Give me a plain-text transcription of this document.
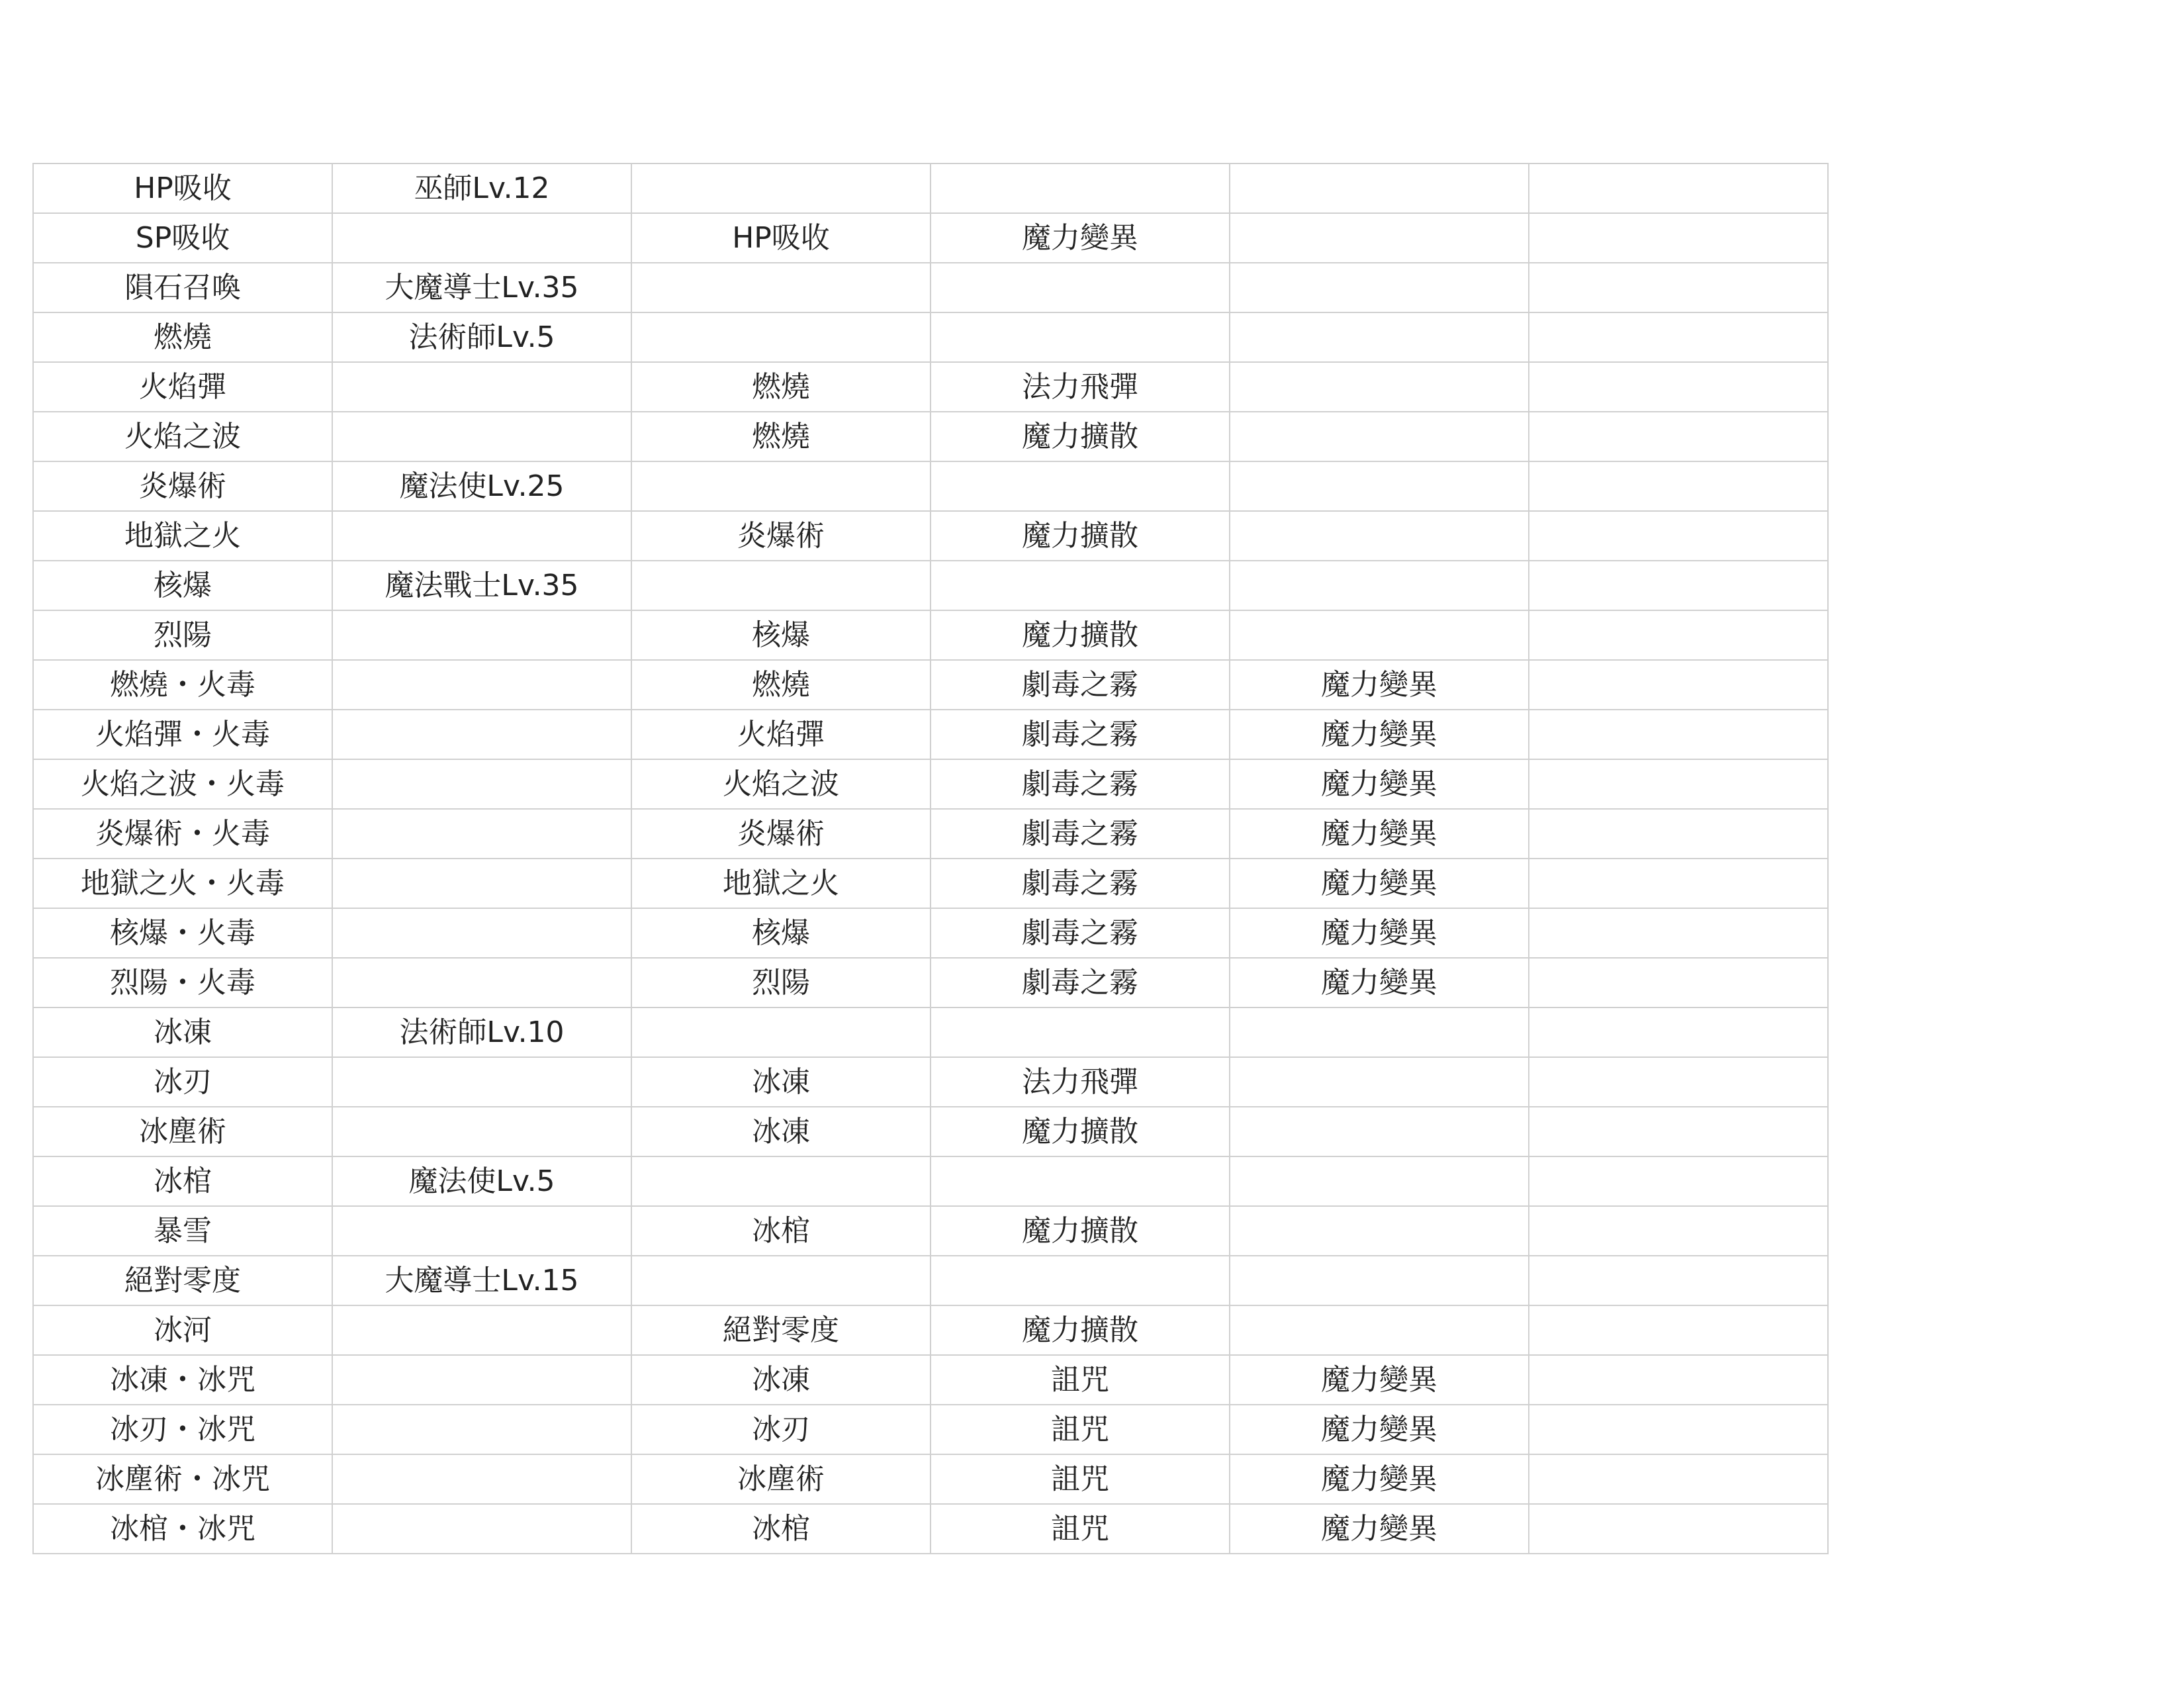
HP吸收	巫師Lv.12				
SP吸收		HP吸收	魔力變異		
隕石召喚	大魔導士Lv.35				
燃燒	法術師Lv.5				
火焰彈		燃燒	法力飛彈		
火焰之波		燃燒	魔力擴散		
炎爆術	魔法使Lv.25				
地獄之火		炎爆術	魔力擴散		
核爆	魔法戰士Lv.35				
烈陽		核爆	魔力擴散		
燃燒・火毒		燃燒	劇毒之霧	魔力變異	
火焰彈・火毒		火焰彈	劇毒之霧	魔力變異	
火焰之波・火毒		火焰之波	劇毒之霧	魔力變異	
炎爆術・火毒		炎爆術	劇毒之霧	魔力變異	
地獄之火・火毒		地獄之火	劇毒之霧	魔力變異	
核爆・火毒		核爆	劇毒之霧	魔力變異	
烈陽・火毒		烈陽	劇毒之霧	魔力變異	
冰凍	法術師Lv.10				
冰刃		冰凍	法力飛彈		
冰塵術		冰凍	魔力擴散		
冰棺	魔法使Lv.5				
暴雪		冰棺	魔力擴散		
絕對零度	大魔導士Lv.15				
冰河		絕對零度	魔力擴散		
冰凍・冰咒		冰凍	詛咒	魔力變異	
冰刃・冰咒		冰刃	詛咒	魔力變異	
冰塵術・冰咒		冰塵術	詛咒	魔力變異	
冰棺・冰咒		冰棺	詛咒	魔力變異	
